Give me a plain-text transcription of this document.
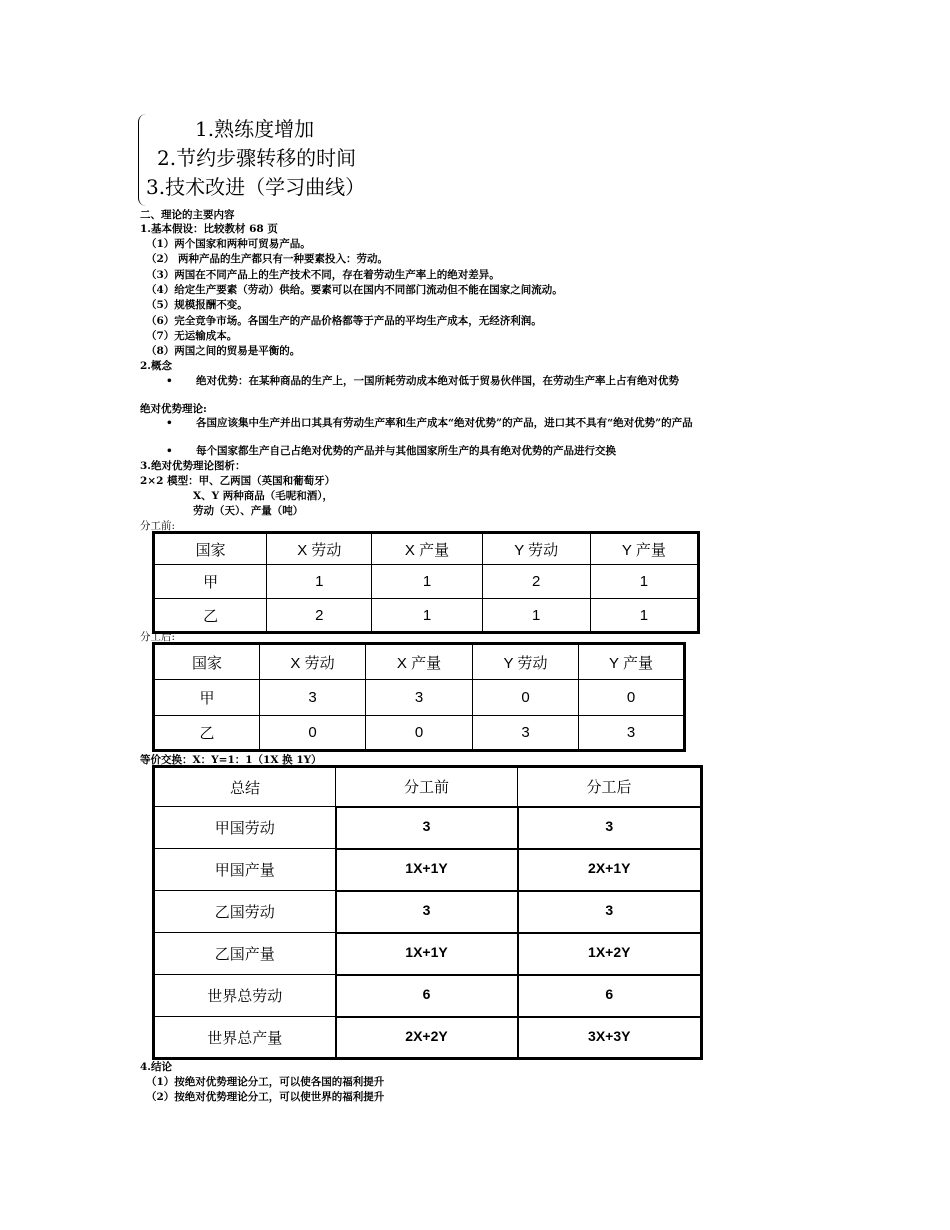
1.熟练度增加
2.节约步骤转移的时间
3.技术改进（学习曲线）
二、理论的主要内容
1.基本假设：比较教材 68 页
（1）两个国家和两种可贸易产品。
（2） 两种产品的生产都只有一种要素投入：劳动。
（3）两国在不同产品上的生产技术不同，存在着劳动生产率上的绝对差异。
（4）给定生产要素（劳动）供给。要素可以在国内不同部门流动但不能在国家之间流动。
（5）规模报酬不变。
（6）完全竞争市场。各国生产的产品价格都等于产品的平均生产成本，无经济利润。
（7）无运输成本。
（8）两国之间的贸易是平衡的。
2.概念
• 绝对优势：在某种商品的生产上，一国所耗劳动成本绝对低于贸易伙伴国，在劳动生产率上占有绝对优势
绝对优势理论:
• 各国应该集中生产并出口其具有劳动生产率和生产成本“绝对优势”的产品，进口其不具有“绝对优势”的产品
• 每个国家都生产自己占绝对优势的产品并与其他国家所生产的具有绝对优势的产品进行交换
3.绝对优势理论图析：
2×2 模型：甲、乙两国（英国和葡萄牙）
X、Y 两种商品（毛呢和酒），
劳动（天）、产量（吨）
分工前:
国家	X 劳动	X 产量	Y 劳动	Y 产量
甲	1	1	2	1
乙	2	1	1	1
分工后:
国家	X 劳动	X 产量	Y 劳动	Y 产量
甲	3	3	0	0
乙	0	0	3	3
等价交换：X：Y=1：1（1X 换 1Y）
总结	分工前	分工后
甲国劳动	3	3
甲国产量	1X+1Y	2X+1Y
乙国劳动	3	3
乙国产量	1X+1Y	1X+2Y
世界总劳动	6	6
世界总产量	2X+2Y	3X+3Y
4.结论
（1）按绝对优势理论分工，可以使各国的福利提升
（2）按绝对优势理论分工，可以使世界的福利提升
